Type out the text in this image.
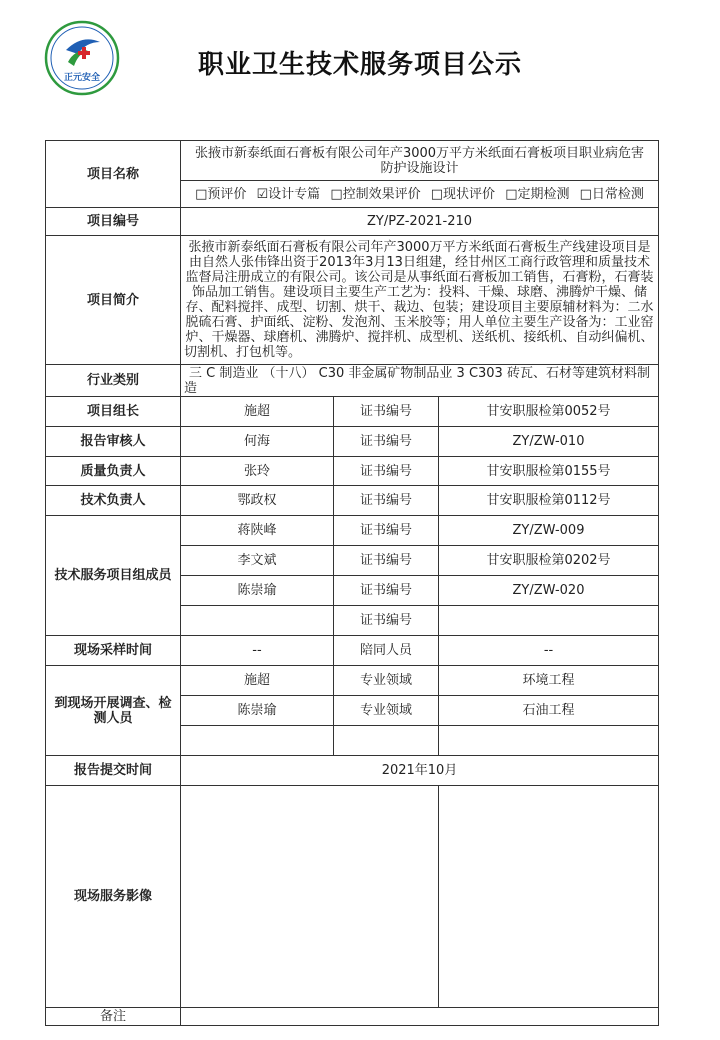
正元安全	职业卫生技术服务项目公示
项目名称	张掖市新泰纸面石膏板有限公司年产3000万平方米纸面石膏板项目职业病危害防护设施设计		
	□预评价 ☑设计专篇 □控制效果评价 □现状评价 □定期检测 □日常检测		
项目编号	ZY/PZ-2021-210		
项目简介	张掖市新泰纸面石膏板有限公司年产3000万平方米纸面石膏板生产线建设项目是由自然人张伟锋出资于2013年3月13日组建，经甘州区工商行政管理和质量技术监督局注册成立的有限公司。该公司是从事纸面石膏板加工销售，石膏粉，石膏装饰品加工销售。建设项目主要生产工艺为：投料、干燥、球磨、沸腾炉干燥、储存、配料搅拌、成型、切割、烘干、裁边、包装；建设项目主要原辅材料为：二水脱硫石膏、护面纸、淀粉、发泡剂、玉米胶等；用人单位主要生产设备为：工业窑炉、干燥器、球磨机、沸腾炉、搅拌机、成型机、送纸机、接纸机、自动纠偏机、切割机、打包机等。		
行业类别	三 C 制造业 （十八） C30 非金属矿物制品业 3 C303 砖瓦、石材等建筑材料制造		
项目组长	施超	证书编号	甘安职服检第0052号
报告审核人	何海	证书编号	ZY/ZW-010
质量负责人	张玲	证书编号	甘安职服检第0155号
技术负责人	鄂政权	证书编号	甘安职服检第0112号
技术服务项目组成员	蒋陕峰	证书编号	ZY/ZW-009
	李文斌	证书编号	甘安职服检第0202号
	陈崇瑜	证书编号	ZY/ZW-020
		证书编号	
现场采样时间	--	陪同人员	--
到现场开展调查、检测人员	施超	专业领域	环境工程
	陈崇瑜	专业领域	石油工程

报告提交时间	2021年10月		
现场服务影像			
备注			
